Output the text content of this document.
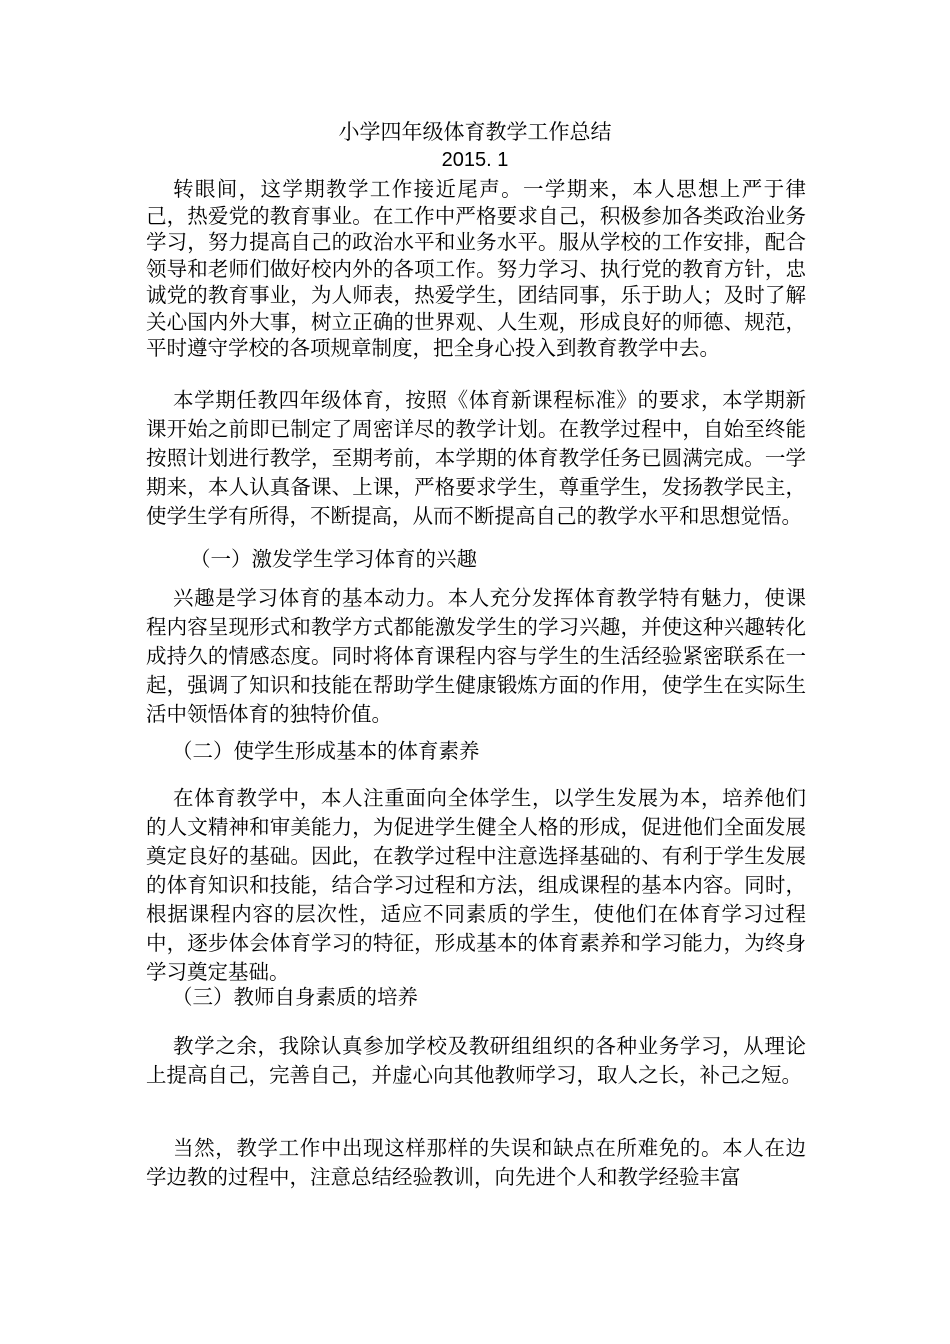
小学四年级体育教学工作总结
2015. 1

转眼间，这学期教学工作接近尾声。一学期来，本人思想上严于律己，热爱党的教育事业。在工作中严格要求自己，积极参加各类政治业务学习，努力提高自己的政治水平和业务水平。服从学校的工作安排，配合领导和老师们做好校内外的各项工作。努力学习、执行党的教育方针，忠诚党的教育事业，为人师表，热爱学生，团结同事，乐于助人；及时了解关心国内外大事，树立正确的世界观、人生观，形成良好的师德、规范，平时遵守学校的各项规章制度，把全身心投入到教育教学中去。

本学期任教四年级体育，按照《体育新课程标准》的要求，本学期新课开始之前即已制定了周密详尽的教学计划。在教学过程中，自始至终能按照计划进行教学，至期考前，本学期的体育教学任务已圆满完成。一学期来，本人认真备课、上课，严格要求学生，尊重学生，发扬教学民主，使学生学有所得，不断提高，从而不断提高自己的教学水平和思想觉悟。

（一）激发学生学习体育的兴趣

兴趣是学习体育的基本动力。本人充分发挥体育教学特有魅力，使课程内容呈现形式和教学方式都能激发学生的学习兴趣，并使这种兴趣转化成持久的情感态度。同时将体育课程内容与学生的生活经验紧密联系在一起，强调了知识和技能在帮助学生健康锻炼方面的作用，使学生在实际生活中领悟体育的独特价值。

（二）使学生形成基本的体育素养

在体育教学中，本人注重面向全体学生，以学生发展为本，培养他们的人文精神和审美能力，为促进学生健全人格的形成，促进他们全面发展奠定良好的基础。因此，在教学过程中注意选择基础的、有利于学生发展的体育知识和技能，结合学习过程和方法，组成课程的基本内容。同时，根据课程内容的层次性，适应不同素质的学生，使他们在体育学习过程中，逐步体会体育学习的特征，形成基本的体育素养和学习能力，为终身学习奠定基础。

（三）教师自身素质的培养

教学之余，我除认真参加学校及教研组组织的各种业务学习，从理论上提高自己，完善自己，并虚心向其他教师学习，取人之长，补己之短。

当然，教学工作中出现这样那样的失误和缺点在所难免的。本人在边学边教的过程中，注意总结经验教训，向先进个人和教学经验丰富
